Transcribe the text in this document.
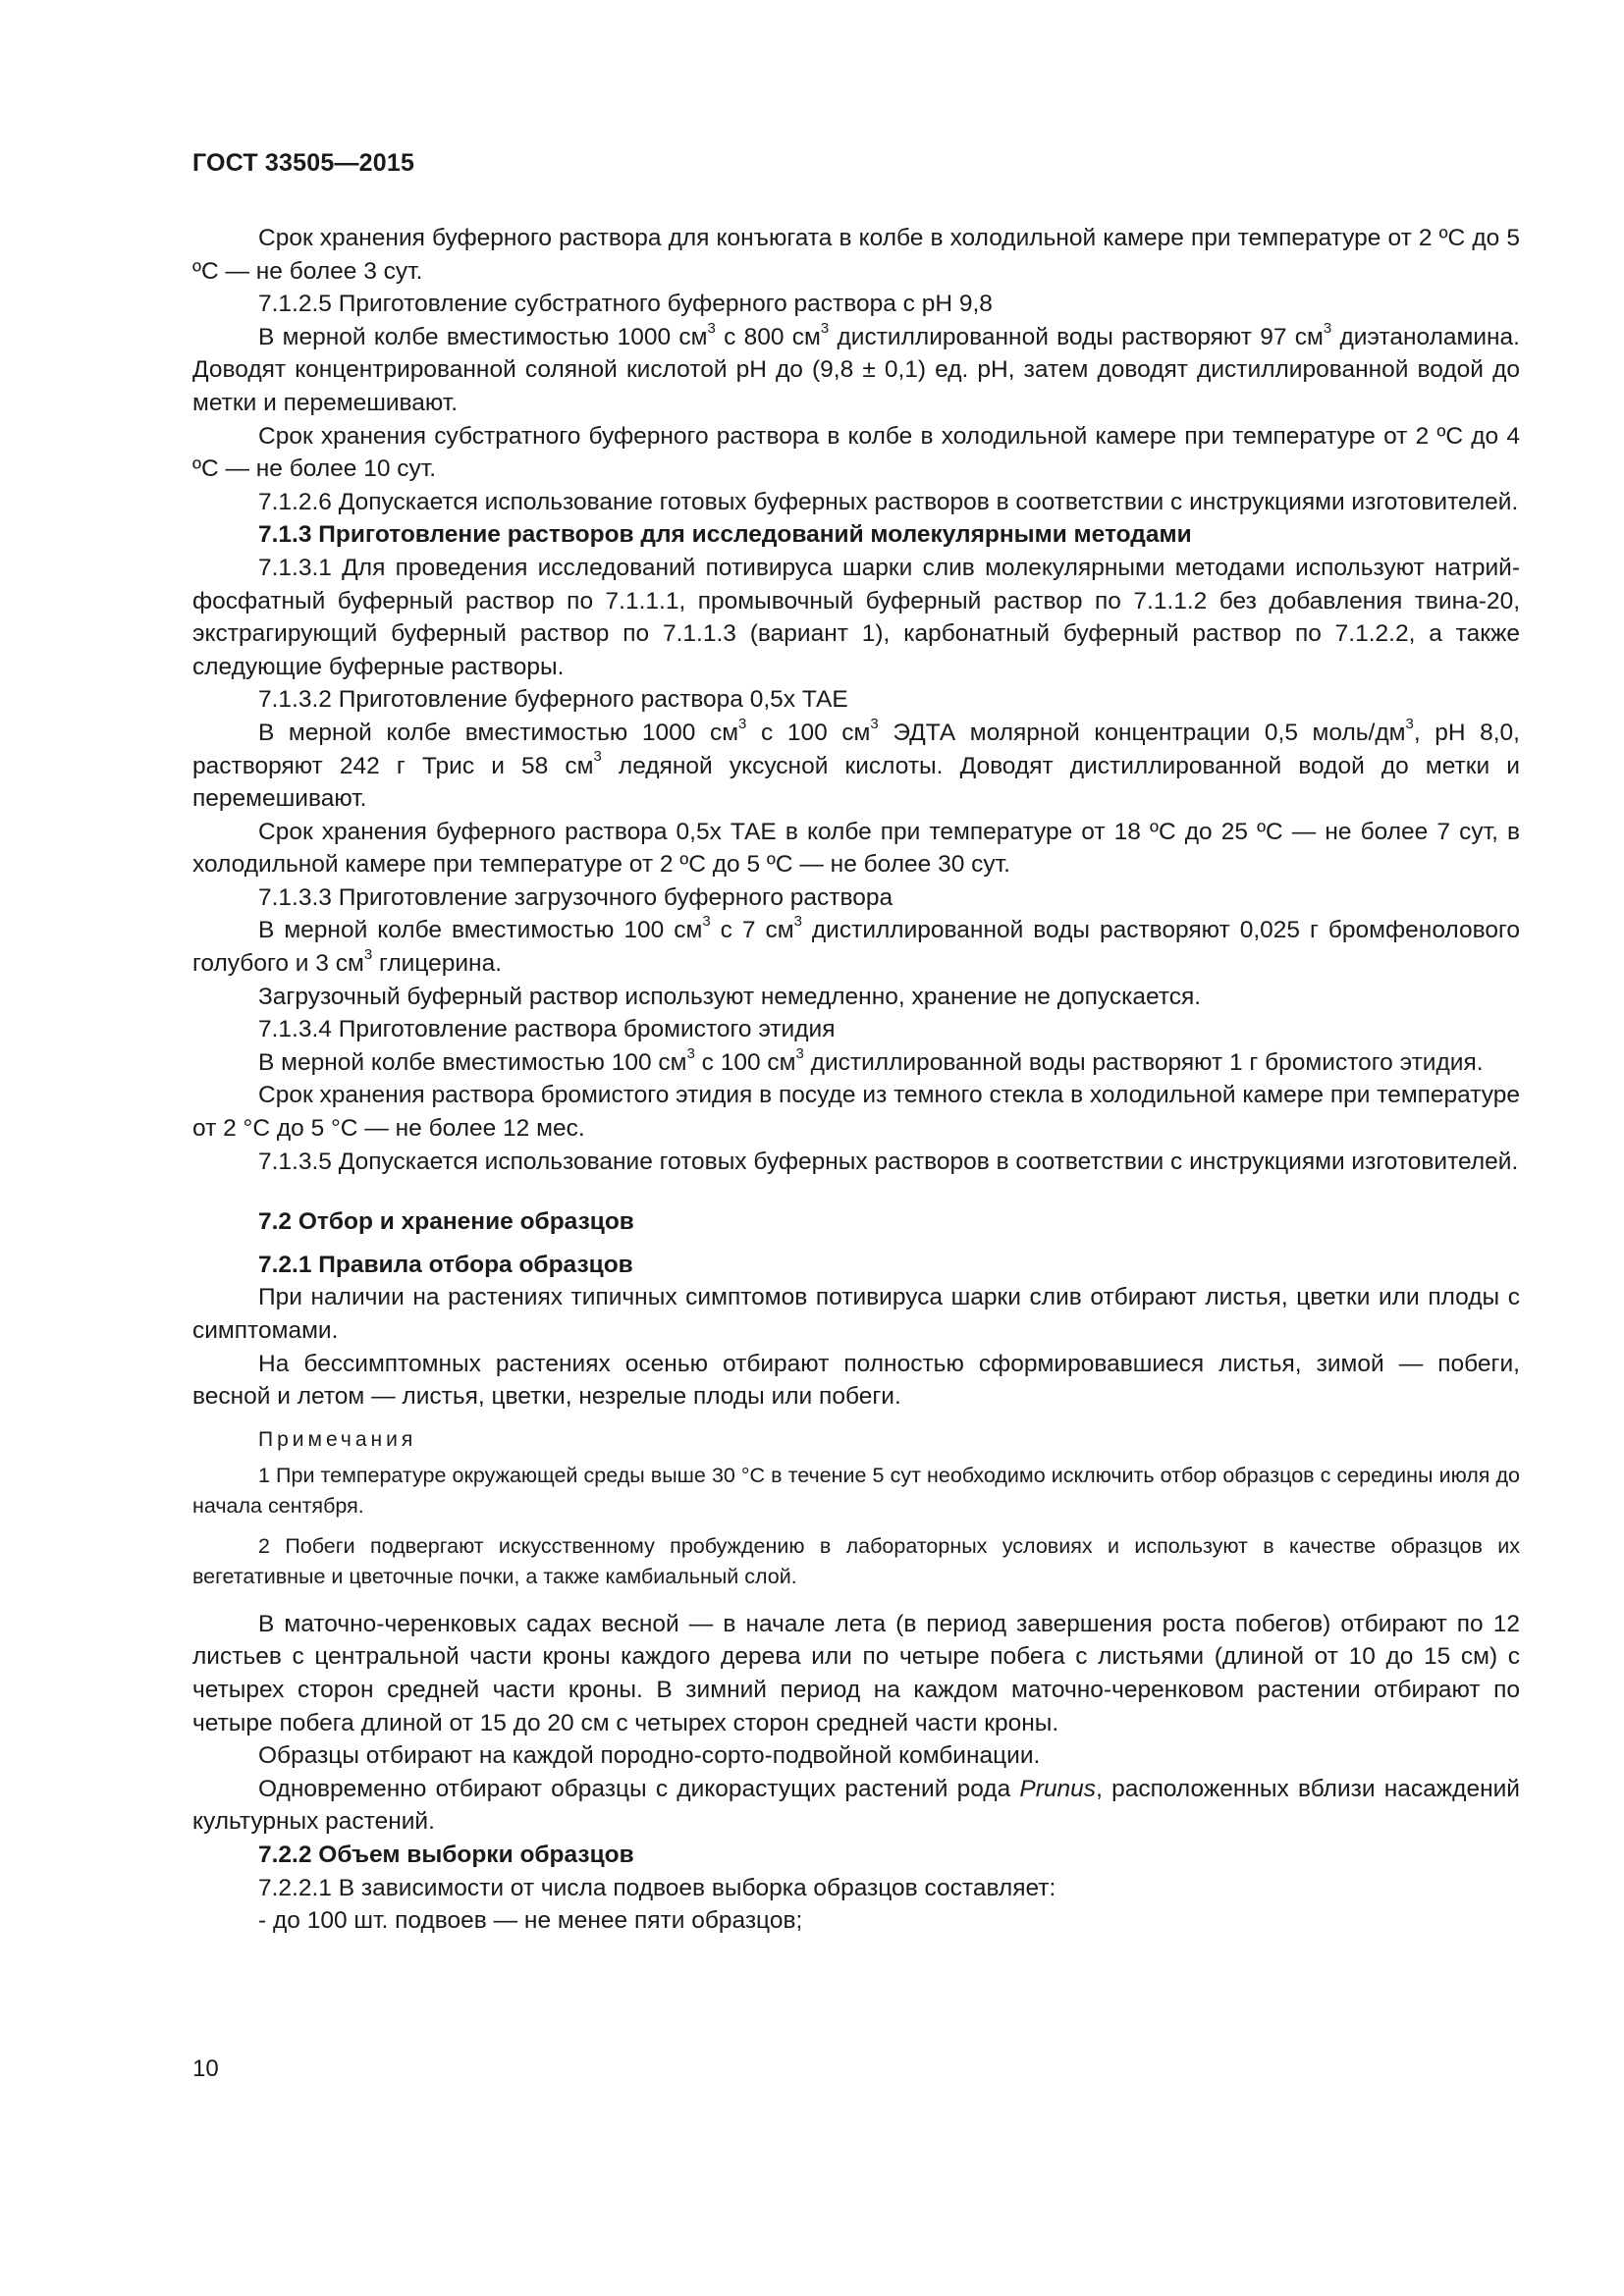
ГОСТ 33505—2015

Срок хранения буферного раствора для конъюгата в колбе в холодильной камере при температуре от 2 ºС до 5 ºС — не более 3 сут.

7.1.2.5 Приготовление субстратного буферного раствора с рН 9,8

В мерной колбе вместимостью 1000 $см^3$ с 800 $см^3$ дистиллированной воды растворяют 97 $см^3$ диэтаноламина. Доводят концентрированной соляной кислотой рН до (9,8 ± 0,1) ед. рН, затем доводят дистиллированной водой до метки и перемешивают.

Срок хранения субстратного буферного раствора в колбе в холодильной камере при температуре от 2 ºС до 4 ºС — не более 10 сут.

7.1.2.6 Допускается использование готовых буферных растворов в соответствии с инструкциями изготовителей.

7.1.3 Приготовление растворов для исследований молекулярными методами

7.1.3.1 Для проведения исследований потивируса шарки слив молекулярными методами используют натрий-фосфатный буферный раствор по 7.1.1.1, промывочный буферный раствор по 7.1.1.2 без добавления твина-20, экстрагирующий буферный раствор по 7.1.1.3 (вариант 1), карбонатный буферный раствор по 7.1.2.2, а также следующие буферные растворы.

7.1.3.2 Приготовление буферного раствора 0,5х ТАЕ

В мерной колбе вместимостью 1000 $см^3$ с 100 $см^3$ ЭДТА молярной концентрации 0,5 моль/$дм^3$, рН 8,0, растворяют 242 г Трис и 58 $см^3$ ледяной уксусной кислоты. Доводят дистиллированной водой до метки и перемешивают.

Срок хранения буферного раствора 0,5х ТАЕ в колбе при температуре от 18 ºС до 25 ºС — не более 7 сут, в холодильной камере при температуре от 2 ºС до 5 ºС — не более 30 сут.

7.1.3.3 Приготовление загрузочного буферного раствора

В мерной колбе вместимостью 100 $см^3$ с 7 $см^3$ дистиллированной воды растворяют 0,025 г бромфенолового голубого и 3 $см^3$ глицерина.

Загрузочный буферный раствор используют немедленно, хранение не допускается.

7.1.3.4 Приготовление раствора бромистого этидия

В мерной колбе вместимостью 100 $см^3$ с 100 $см^3$ дистиллированной воды растворяют 1 г бромистого этидия.

Срок хранения раствора бромистого этидия в посуде из темного стекла в холодильной камере при температуре от 2 °С до 5 °С — не более 12 мес.

7.1.3.5 Допускается использование готовых буферных растворов в соответствии с инструкциями изготовителей.

7.2 Отбор и хранение образцов

7.2.1 Правила отбора образцов

При наличии на растениях типичных симптомов потивируса шарки слив отбирают листья, цветки или плоды с симптомами.

На бессимптомных растениях осенью отбирают полностью сформировавшиеся листья, зимой — побеги, весной и летом — листья, цветки, незрелые плоды или побеги.

Примечания

1 При температуре окружающей среды выше 30 °С в течение 5 сут необходимо исключить отбор образцов с середины июля до начала сентября.

2 Побеги подвергают искусственному пробуждению в лабораторных условиях и используют в качестве образцов их вегетативные и цветочные почки, а также камбиальный слой.

В маточно-черенковых садах весной — в начале лета (в период завершения роста побегов) отбирают по 12 листьев с центральной части кроны каждого дерева или по четыре побега с листьями (длиной от 10 до 15 см) с четырех сторон средней части кроны. В зимний период на каждом маточно-черенковом растении отбирают по четыре побега длиной от 15 до 20 см с четырех сторон средней части кроны.

Образцы отбирают на каждой породно-сорто-подвойной комбинации.

Одновременно отбирают образцы с дикорастущих растений рода Prunus, расположенных вблизи насаждений культурных растений.

7.2.2 Объем выборки образцов

7.2.2.1 В зависимости от числа подвоев выборка образцов составляет:

- до 100 шт. подвоев — не менее пяти образцов;

10
